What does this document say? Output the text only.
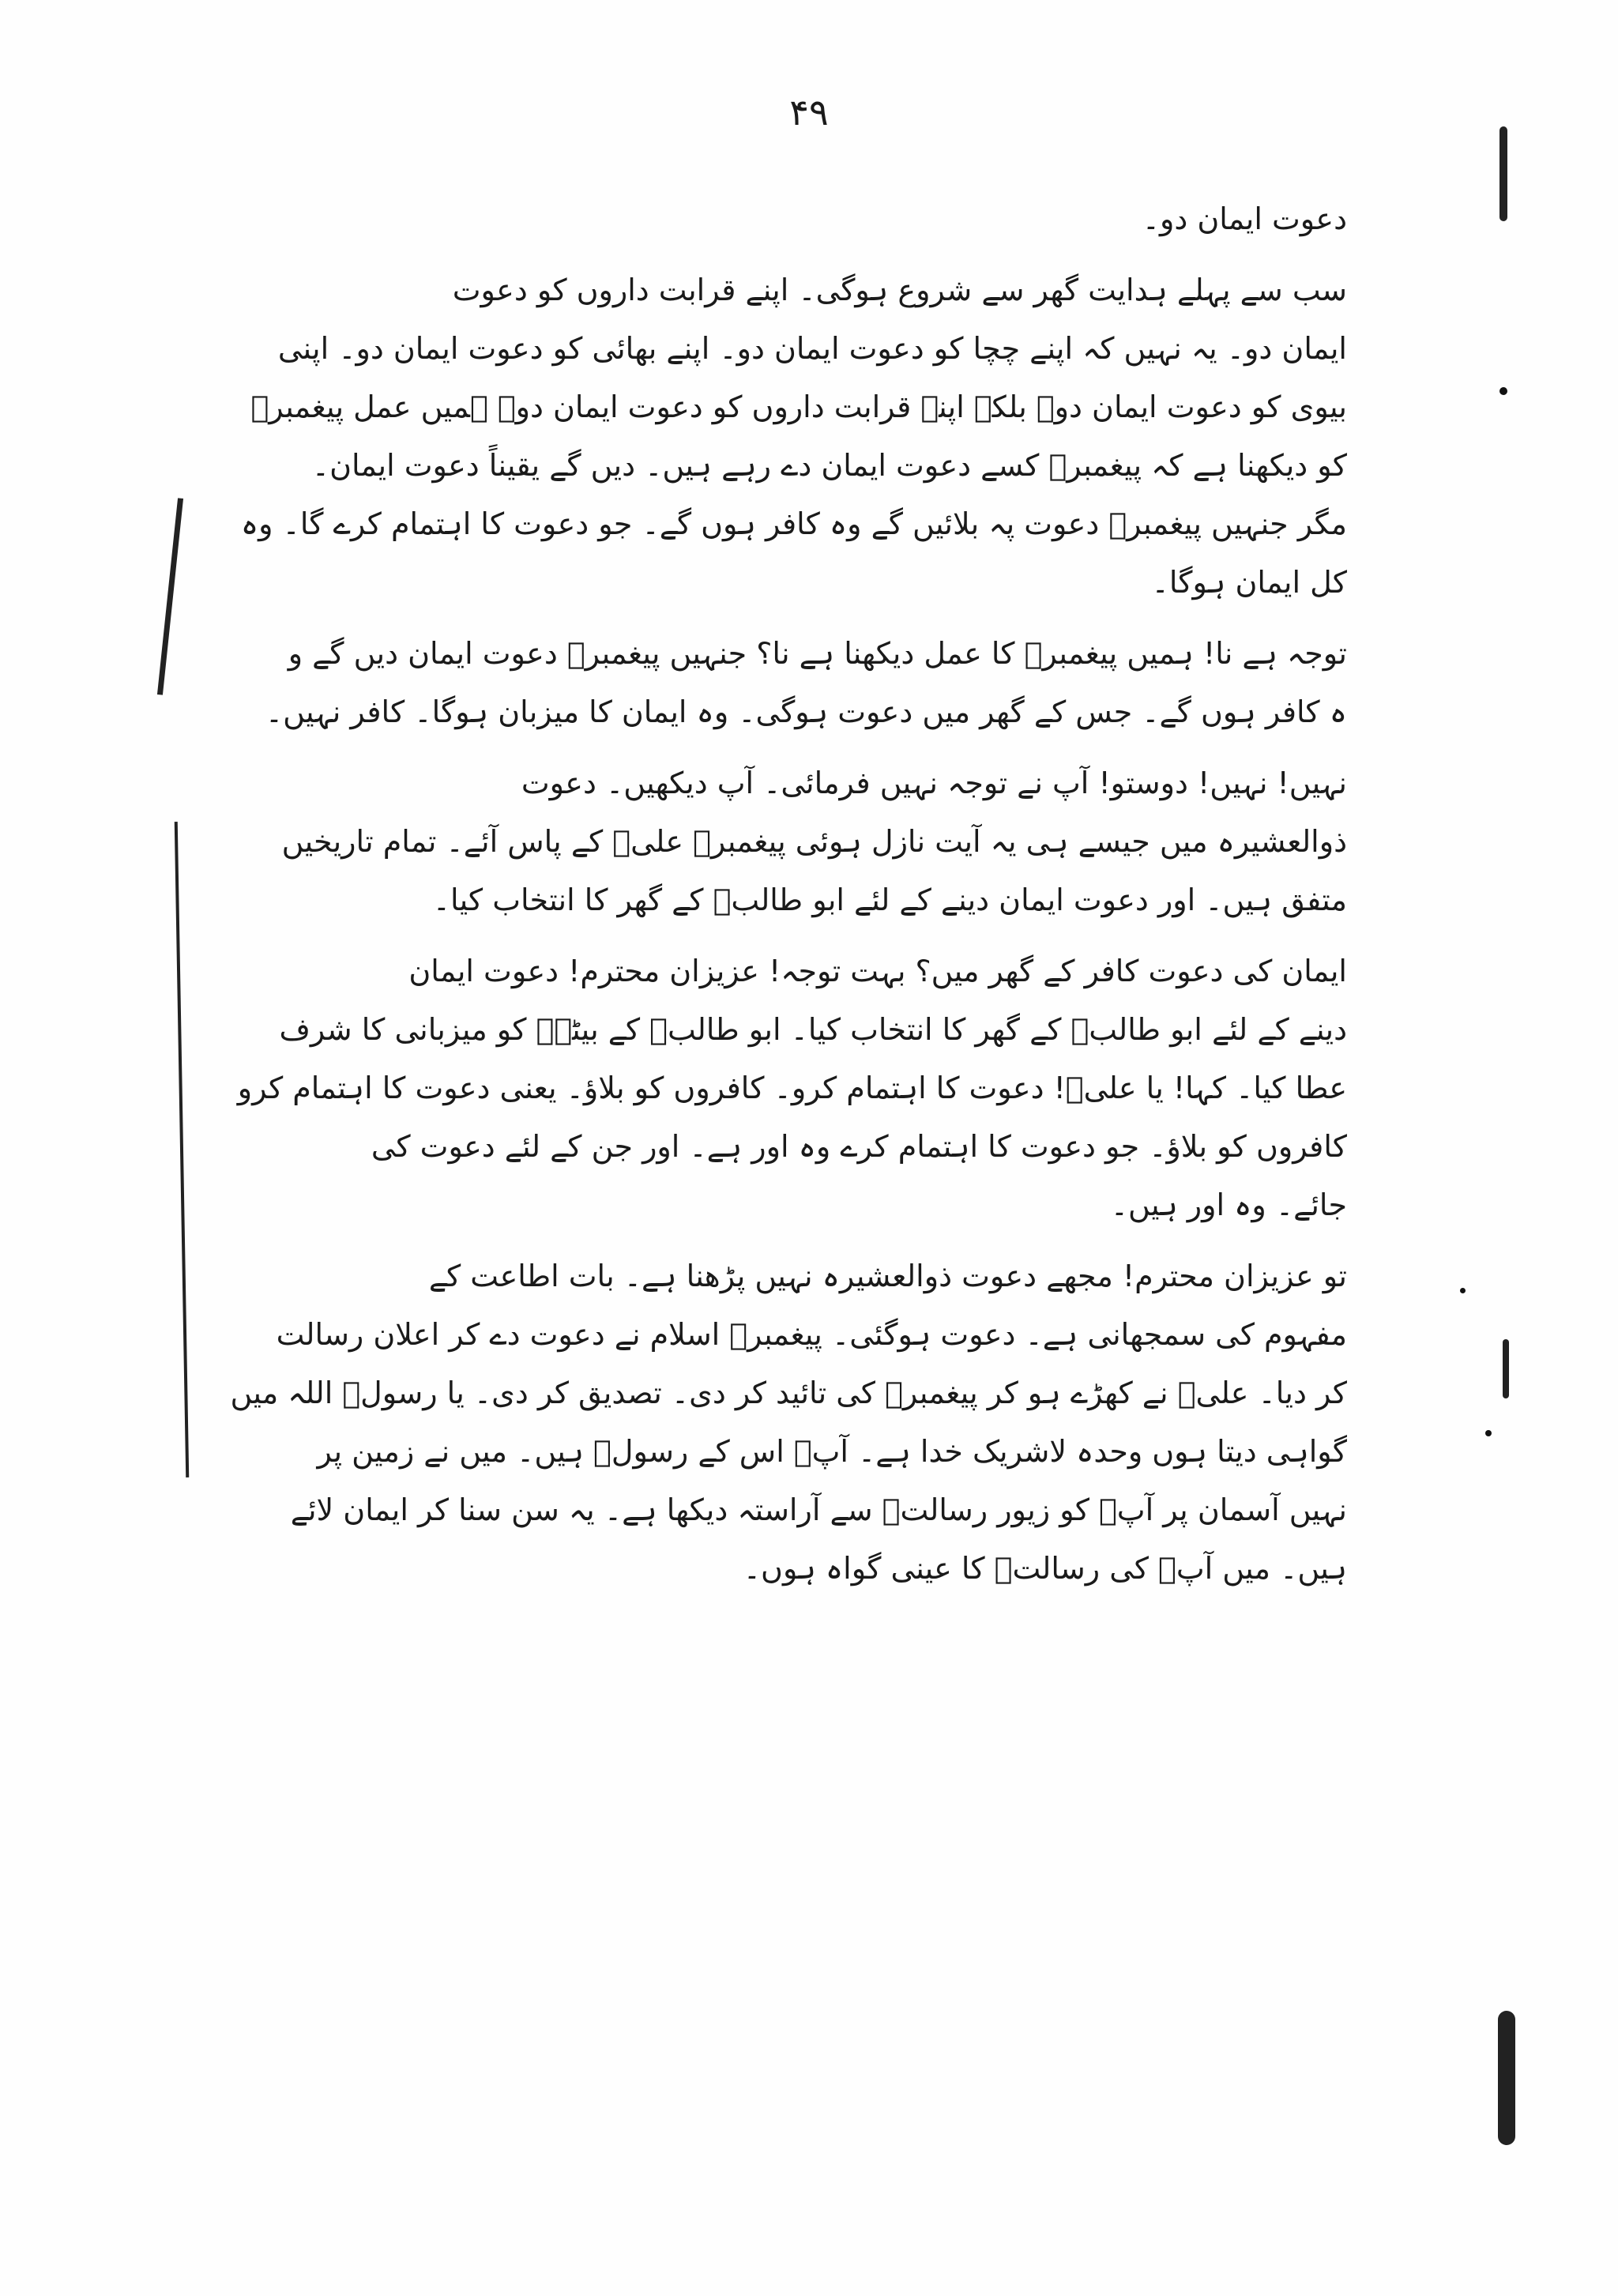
۴۹
دعوت ایمان دو۔
سب سے پہلے ہدایت گھر سے شروع ہوگی۔ اپنے قرابت داروں کو دعوت
ایمان دو۔ یہ نہیں کہ اپنے چچا کو دعوت ایمان دو۔ اپنے بھائی کو دعوت ایمان دو۔ اپنی
بیوی کو دعوت ایمان دو۔ بلکہ اپنے قرابت داروں کو دعوت ایمان دو۔ ہمیں عمل پیغمبرؐ
کو دیکھنا ہے کہ پیغمبرؐ کسے دعوت ایمان دے رہے ہیں۔ دیں گے یقیناً دعوت ایمان۔
مگر جنہیں پیغمبرؐ دعوت پہ بلائیں گے وہ کافر ہوں گے۔ جو دعوت کا اہتمام کرے گا۔ وہ
کل ایمان ہوگا۔
توجہ ہے نا! ہمیں پیغمبرؐ کا عمل دیکھنا ہے نا؟ جنہیں پیغمبرؐ دعوت ایمان دیں گے و
ہ کافر ہوں گے۔ جس کے گھر میں دعوت ہوگی۔ وہ ایمان کا میزبان ہوگا۔ کافر نہیں۔
نہیں! نہیں! دوستو! آپ نے توجہ نہیں فرمائی۔ آپ دیکھیں۔ دعوت
ذوالعشیرہ میں جیسے ہی یہ آیت نازل ہوئی پیغمبرؐ علیؑ کے پاس آئے۔ تمام تاریخیں
متفق ہیں۔ اور دعوت ایمان دینے کے لئے ابو طالبؑ کے گھر کا انتخاب کیا۔
ایمان کی دعوت کافر کے گھر میں؟ بہت توجہ! عزیزان محترم! دعوت ایمان
دینے کے لئے ابو طالبؑ کے گھر کا انتخاب کیا۔ ابو طالبؑ کے بیٹےؑ کو میزبانی کا شرف
عطا کیا۔ کہا! یا علیؑ! دعوت کا اہتمام کرو۔ کافروں کو بلاؤ۔ یعنی دعوت کا اہتمام کرو
کافروں کو بلاؤ۔ جو دعوت کا اہتمام کرے وہ اور ہے۔ اور جن کے لئے دعوت کی
جائے۔ وہ اور ہیں۔
تو عزیزان محترم! مجھے دعوت ذوالعشیرہ نہیں پڑھنا ہے۔ بات اطاعت کے
مفہوم کی سمجھانی ہے۔ دعوت ہوگئی۔ پیغمبرؐ اسلام نے دعوت دے کر اعلان رسالت
کر دیا۔ علیؑ نے کھڑے ہو کر پیغمبرؐ کی تائید کر دی۔ تصدیق کر دی۔ یا رسولؐ اللہ میں
گواہی دیتا ہوں وحدہ لاشریک خدا ہے۔ آپؐ اس کے رسولؐ ہیں۔ میں نے زمین پر
نہیں آسمان پر آپؐ کو زیور رسالتؐ سے آراستہ دیکھا ہے۔ یہ سن سنا کر ایمان لائے
ہیں۔ میں آپؐ کی رسالتؐ کا عینی گواہ ہوں۔
